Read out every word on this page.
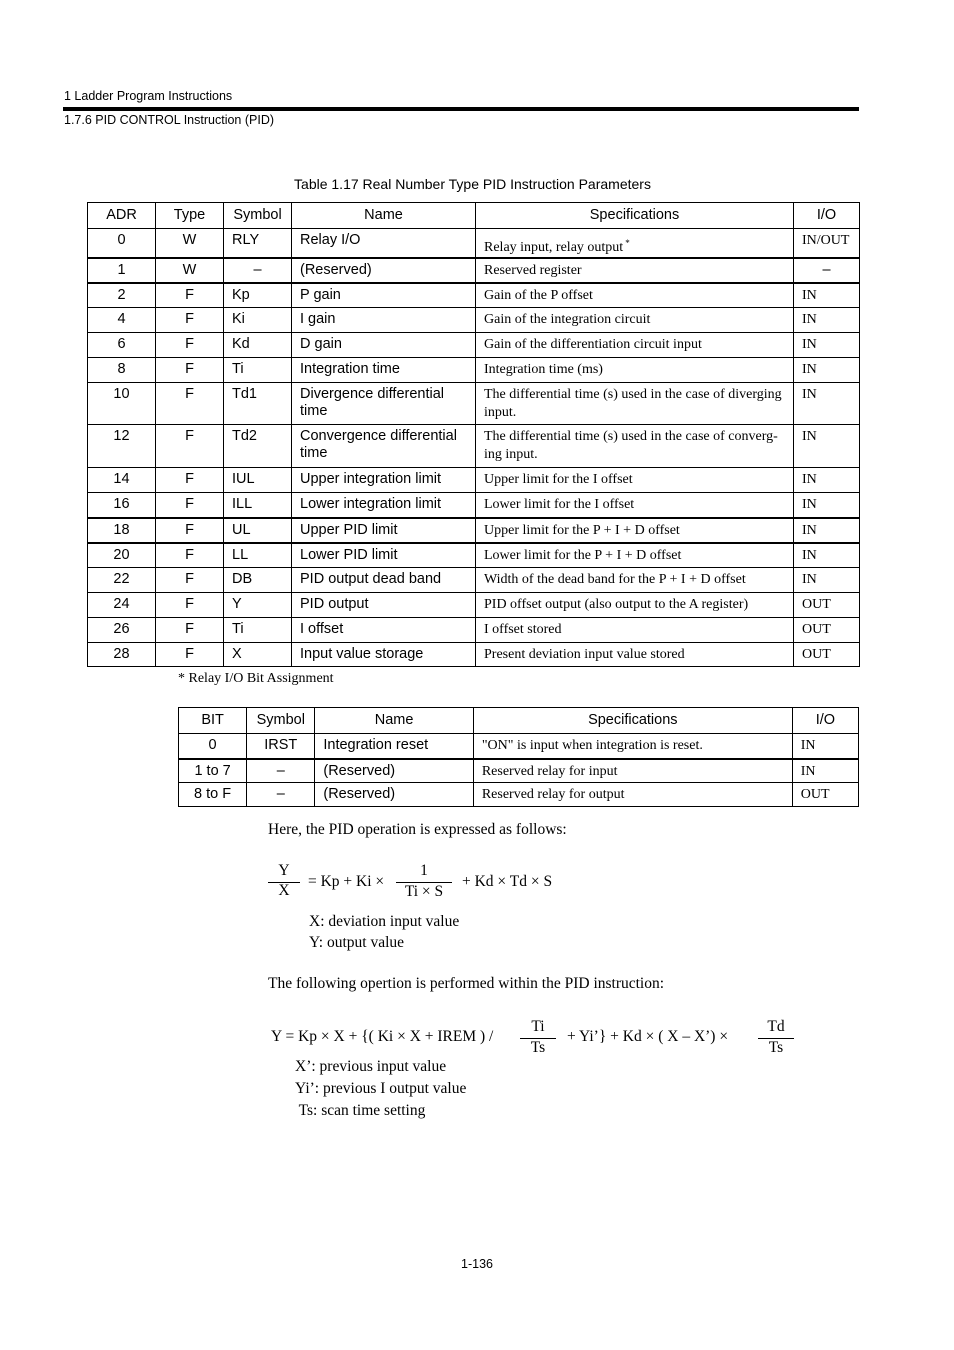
1 Ladder Program Instructions
1.7.6 PID CONTROL Instruction (PID)
Table 1.17 Real Number Type PID Instruction Parameters
ADR	Type	Symbol	Name	Specifications	I/O
0	W	RLY	Relay I/O	Relay input, relay output *	IN/OUT
1	W	–	(Reserved)	Reserved register	–
2	F	Kp	P gain	Gain of the P offset	IN
4	F	Ki	I gain	Gain of the integration circuit	IN
6	F	Kd	D gain	Gain of the differentiation circuit input	IN
8	F	Ti	Integration time	Integration time (ms)	IN
10	F	Td1	Divergence differential time	The differential time (s) used in the case of diverging input.	IN
12	F	Td2	Convergence differential time	The differential time (s) used in the case of converg-ing input.	IN
14	F	IUL	Upper integration limit	Upper limit for the I offset	IN
16	F	ILL	Lower integration limit	Lower limit for the I offset	IN
18	F	UL	Upper PID limit	Upper limit for the P + I + D offset	IN
20	F	LL	Lower PID limit	Lower limit for the P + I + D offset	IN
22	F	DB	PID output dead band	Width of the dead band for the P + I + D offset	IN
24	F	Y	PID output	PID offset output (also output to the A register)	OUT
26	F	Ti	I offset	I offset stored	OUT
28	F	X	Input value storage	Present deviation input value stored	OUT
* Relay I/O Bit Assignment
BIT	Symbol	Name	Specifications	I/O
0	IRST	Integration reset	"ON" is input when integration is reset.	IN
1 to 7	–	(Reserved)	Reserved relay for input	IN
8 to F	–	(Reserved)	Reserved relay for output	OUT
Here, the PID operation is expressed as follows:
Y
X
= Kp + Ki ×
1
Ti × S
+ Kd × Td × S
X: deviation input value
Y: output value
The following opertion is performed within the PID instruction:
Y = Kp × X + {( Ki × X + IREM ) /
Ti
Ts
+ Yi’} + Kd × ( X – X’) ×
Td
Ts
X’: previous input value
Yi’: previous I output value
Ts: scan time setting
1-136
